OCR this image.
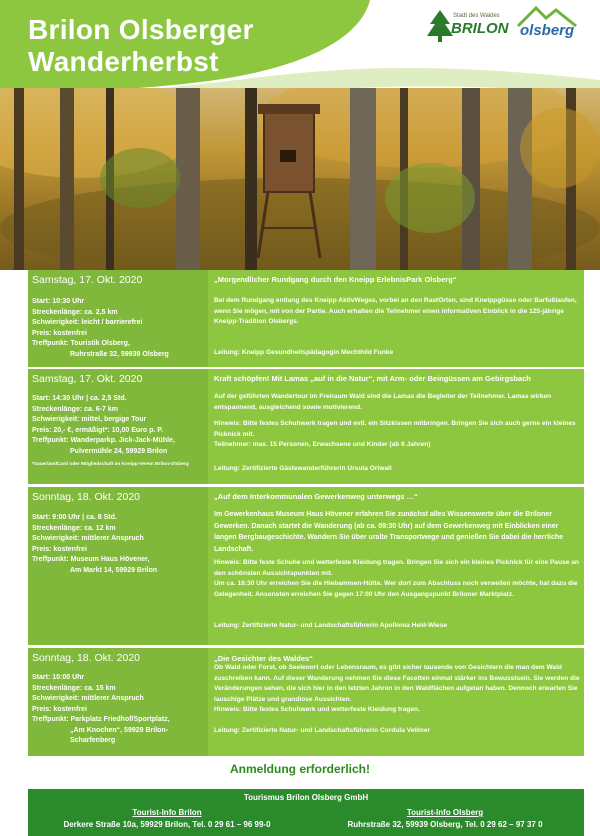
Brilon Olsberger
Wanderherbst
Stadt des Waldes
BRILON olsberg
Samstag, 17. Okt. 2020
Start: 10:30 Uhr
Streckenlänge: ca. 2,5 km
Schwierigkeit: leicht / barrierefrei
Preis: kostenfrei
Treffpunkt: Touristik Olsberg,
Ruhrstraße 32, 59939 Olsberg
„Morgendlicher Rundgang durch den Kneipp ErlebnisPark Olsberg“

Bei dem Rundgang entlang des Kneipp AktivWeges, vorbei an den RastOrten, sind Kneippgüsse oder Barfußlaufen, wenn Sie mögen, mit von der Partie. Auch erhalten die Teilnehmer einen informativen Einblick in die 125-jährige Kneipp-Tradition Olsbergs.

Leitung: Kneipp Gesundheitspädagogin Mechthild Funke
Samstag, 17. Okt. 2020
Start: 14:30 Uhr | ca. 2,5 Std.
Streckenlänge: ca. 6-7 km
Schwierigkeit: mittel, bergige Tour
Preis: 20,- €, ermäßigt*: 10,00 Euro p. P.
Treffpunkt: Wanderparkp. Jick-Jack-Mühle,
Pulvermühle 24, 59929 Brilon
*SauerlandCard oder Mitgliedschaft im Kneipp-Verein Brilon-Olsberg
Kraft schöpfen! Mit Lamas „auf in die Natur“, mit Arm- oder Beingüssen am Gebirgsbach

Auf der geführten Wandertour im Freiraum Wald sind die Lamas die Begleiter der Teilnehmer. Lamas wirken entspannend, ausgleichend sowie motivierend.

Hinweis: Bitte festes Schuhwerk tragen und evtl. ein Sitzkissen mitbringen. Bringen Sie sich auch gerne ein kleines Picknick mit.

Teilnehmer: max. 15 Personen, Erwachsene und Kinder (ab 6 Jahren)

Leitung: Zertifizierte Gästewanderführerin Ursula Oriwall
Sonntag, 18. Okt. 2020
Start: 9:00 Uhr | ca. 8 Std.
Streckenlänge: ca. 12 km
Schwierigkeit: mittlerer Anspruch
Preis: kostenfrei
Treffpunkt: Museum Haus Hövener,
Am Markt 14, 59929 Brilon
„Auf dem Interkommunalen Gewerkenweg unterwegs …“
Im Gewerkenhaus Museum Haus Hövener erfahren Sie zunächst alles Wissenswerte über die Briloner Gewerken. Danach startet die Wanderung (ab ca. 09:30 Uhr) auf dem Gewerkenweg mit Einblicken einer langen Bergbaugeschichte. Wandern Sie über uralte Transportwege und genießen Sie dabei die herrliche Landschaft.

Hinweis: Bitte feste Schuhe und wetterfeste Kleidung tragen. Bringen Sie sich ein kleines Picknick für eine Pause an den schönsten Aussichtspunkten mit.

Um ca. 16:30 Uhr erreichen Sie die Hiebammen-Hütte. Wer dort zum Abschluss noch verweilen möchte, hat dazu die Gelegenheit. Ansonsten erreichen Sie gegen 17:00 Uhr den Ausgangspunkt Briloner Marktplatz.

Leitung: Zertifizierte Natur- und Landschaftsführerin Apollonia Held-Wiese
Sonntag, 18. Okt. 2020
Start: 10:00 Uhr
Streckenlänge: ca. 15 km
Schwierigkeit: mittlerer Anspruch
Preis: kostenfrei
Treffpunkt: Parkplatz Friedhof/Sportplatz,
„Am Knochen“, 59929 Brilon-
Scharfenberg
„Die Gesichter des Waldes“

Ob Wald oder Forst, ob Seelenort oder Lebensraum, es gibt sicher tausende von Gesichtern die man dem Wald zuschreiben kann. Auf dieser Wanderung nehmen Sie diese Facetten einmal stärker ins Bewusstsein. Sie werden die Veränderungen sehen, die sich hier in den letzten Jahren in den Waldflächen aufgetan haben. Dennoch erwarten Sie lauschige Plätze und grandiose Aussichten.

Hinweis: Bitte festes Schuhwerk und wetterfeste Kleidung tragen.

Leitung: Zertifizierte Natur- und Landschaftsführerin Cordula Vellmer
Anmeldung erforderlich!
Tourismus Brilon Olsberg GmbH
Tourist-Info Brilon
Derkere Straße 10a, 59929 Brilon, Tel. 0 29 61 – 96 99-0
Tourist-Info Olsberg
Ruhrstraße 32, 59939 Olsberg, Tel. 0 29 62 – 97 37 0
